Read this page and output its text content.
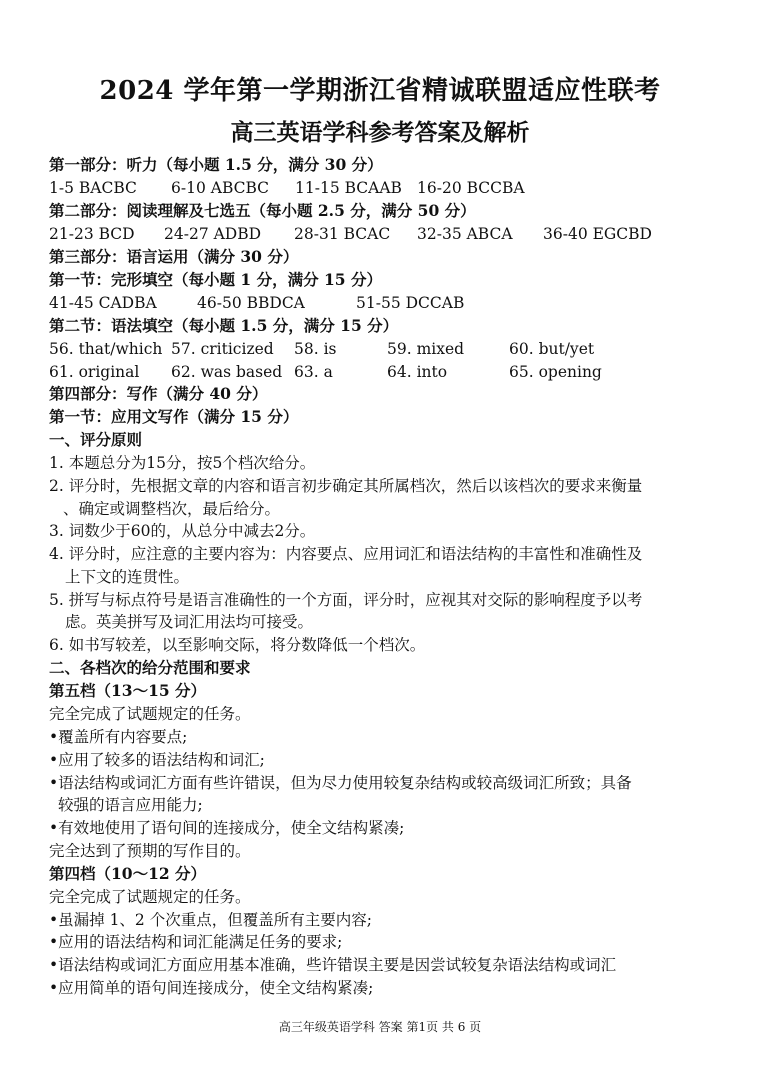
2024 学年第一学期浙江省精诚联盟适应性联考
高三英语学科参考答案及解析
第一部分：听力（每小题 1.5 分，满分 30 分）
1-5 BACBC 6-10 ABCBC 11-15 BCAAB 16-20 BCCBA
第二部分：阅读理解及七选五（每小题 2.5 分，满分 50 分）
21-23 BCD 24-27 ADBD 28-31 BCAC 32-35 ABCA 36-40 EGCBD
第三部分：语言运用（满分 30 分）
第一节：完形填空（每小题 1 分，满分 15 分）
41-45 CADBA	46-50 BBDCA	51-55 DCCAB
第二节：语法填空（每小题 1.5 分，满分 15 分）
56. that/which 57. criticized 58. is	59. mixed	60. but/yet
61. original 62. was based 63. a	64. into	65. opening
第四部分：写作（满分 40 分）
第一节：应用文写作（满分 15 分）
一、评分原则
1. 本题总分为15分，按5个档次给分。
2. 评分时，先根据文章的内容和语言初步确定其所属档次，然后以该档次的要求来衡量
、确定或调整档次，最后给分。
3. 词数少于60的，从总分中减去2分。
4. 评分时，应注意的主要内容为：内容要点、应用词汇和语法结构的丰富性和准确性及
上下文的连贯性。
5. 拼写与标点符号是语言准确性的一个方面，评分时，应视其对交际的影响程度予以考
虑。英美拼写及词汇用法均可接受。
6. 如书写较差，以至影响交际，将分数降低一个档次。
二、各档次的给分范围和要求
第五档（13～15 分）
完全完成了试题规定的任务。
•覆盖所有内容要点;
•应用了较多的语法结构和词汇;
•语法结构或词汇方面有些许错误，但为尽力使用较复杂结构或较高级词汇所致；具备
较强的语言应用能力;
•有效地使用了语句间的连接成分，使全文结构紧凑;
完全达到了预期的写作目的。
第四档（10～12 分）
完全完成了试题规定的任务。
•虽漏掉 1、2 个次重点，但覆盖所有主要内容;
•应用的语法结构和词汇能满足任务的要求;
•语法结构或词汇方面应用基本准确，些许错误主要是因尝试较复杂语法结构或词汇
•应用简单的语句间连接成分，使全文结构紧凑;
高三年级英语学科 答案 第1页 共 6 页
